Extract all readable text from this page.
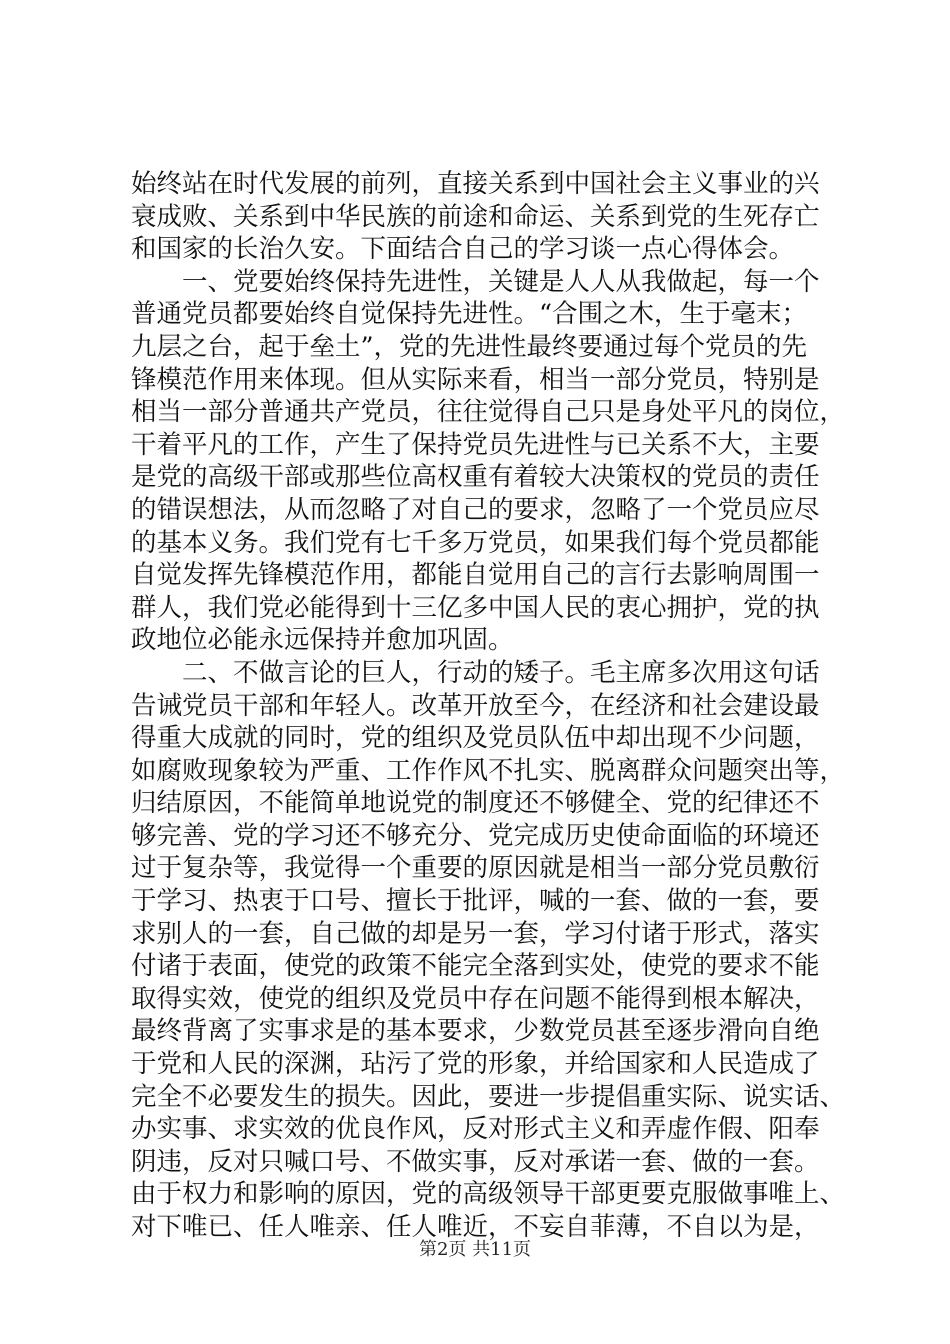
始终站在时代发展的前列，直接关系到中国社会主义事业的兴
衰成败、关系到中华民族的前途和命运、关系到党的生死存亡
和国家的长治久安。下面结合自己的学习谈一点心得体会。
　　一、党要始终保持先进性，关键是人人从我做起，每一个
普通党员都要始终自觉保持先进性。“合围之木，生于毫末；
九层之台，起于垒土”，党的先进性最终要通过每个党员的先
锋模范作用来体现。但从实际来看，相当一部分党员，特别是
相当一部分普通共产党员，往往觉得自己只是身处平凡的岗位，
干着平凡的工作，产生了保持党员先进性与已关系不大，主要
是党的高级干部或那些位高权重有着较大决策权的党员的责任
的错误想法，从而忽略了对自己的要求，忽略了一个党员应尽
的基本义务。我们党有七千多万党员，如果我们每个党员都能
自觉发挥先锋模范作用，都能自觉用自己的言行去影响周围一
群人，我们党必能得到十三亿多中国人民的衷心拥护，党的执
政地位必能永远保持并愈加巩固。
　　二、不做言论的巨人，行动的矮子。毛主席多次用这句话
告诫党员干部和年轻人。改革开放至今，在经济和社会建设最
得重大成就的同时，党的组织及党员队伍中却出现不少问题，
如腐败现象较为严重、工作作风不扎实、脱离群众问题突出等，
归结原因，不能简单地说党的制度还不够健全、党的纪律还不
够完善、党的学习还不够充分、党完成历史使命面临的环境还
过于复杂等，我觉得一个重要的原因就是相当一部分党员敷衍
于学习、热衷于口号、擅长于批评，喊的一套、做的一套，要
求别人的一套，自己做的却是另一套，学习付诸于形式，落实
付诸于表面，使党的政策不能完全落到实处，使党的要求不能
取得实效，使党的组织及党员中存在问题不能得到根本解决，
最终背离了实事求是的基本要求，少数党员甚至逐步滑向自绝
于党和人民的深渊，玷污了党的形象，并给国家和人民造成了
完全不必要发生的损失。因此，要进一步提倡重实际、说实话、
办实事、求实效的优良作风，反对形式主义和弄虚作假、阳奉
阴违，反对只喊口号、不做实事，反对承诺一套、做的一套。
由于权力和影响的原因，党的高级领导干部更要克服做事唯上、
对下唯已、任人唯亲、任人唯近，不妄自菲薄，不自以为是，
第2页 共11页
